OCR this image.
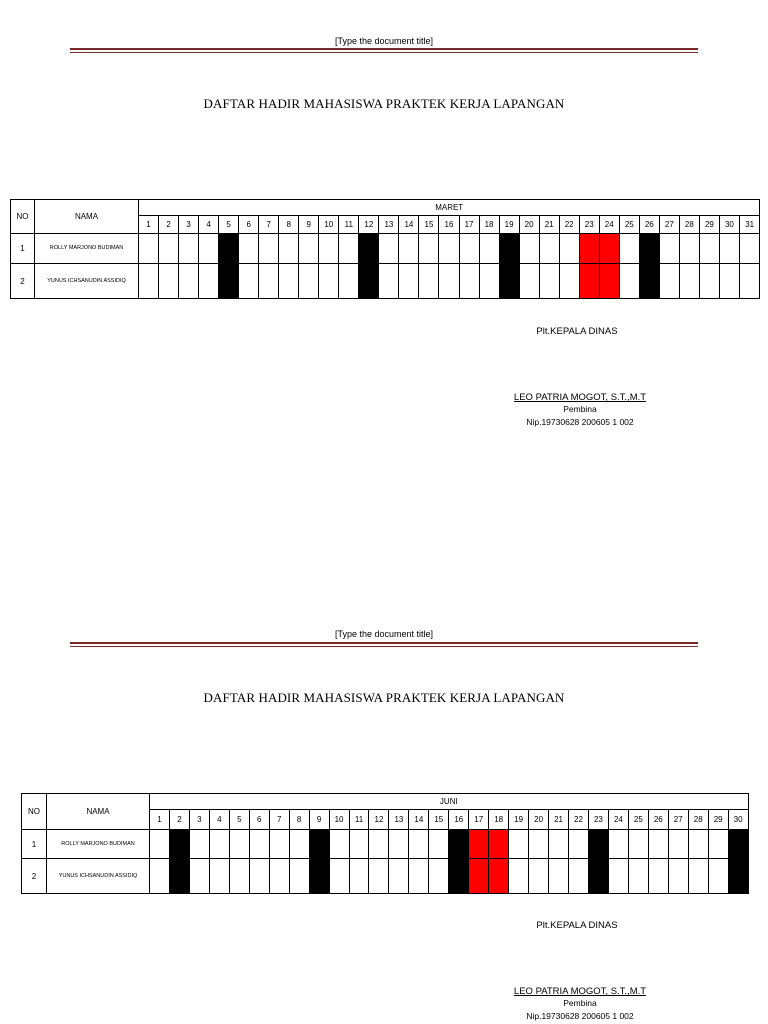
[Type the document title]
DAFTAR HADIR MAHASISWA PRAKTEK KERJA LAPANGAN
NO	NAMA	MARET																														
		1	2	3	4	5	6	7	8	9	10	11	12	13	14	15	16	17	18	19	20	21	22	23	24	25	26	27	28	29	30	31
1	ROLLY MARJONO BUDIMAN																															
2	YUNUS ICHSANUDIN ASSIDIQ																															
Plt.KEPALA DINAS
LEO PATRIA MOGOT, S.T.,M.T
Pembina
Nip.19730628 200605 1 002
[Type the document title]
DAFTAR HADIR MAHASISWA PRAKTEK KERJA LAPANGAN
NO	NAMA	JUNI																													
		1	2	3	4	5	6	7	8	9	10	11	12	13	14	15	16	17	18	19	20	21	22	23	24	25	26	27	28	29	30
1	ROLLY MARJONO BUDIMAN																														
2	YUNUS ICHSANUDIN ASSIDIQ																														
Plt.KEPALA DINAS
LEO PATRIA MOGOT, S.T.,M.T
Pembina
Nip.19730628 200605 1 002
